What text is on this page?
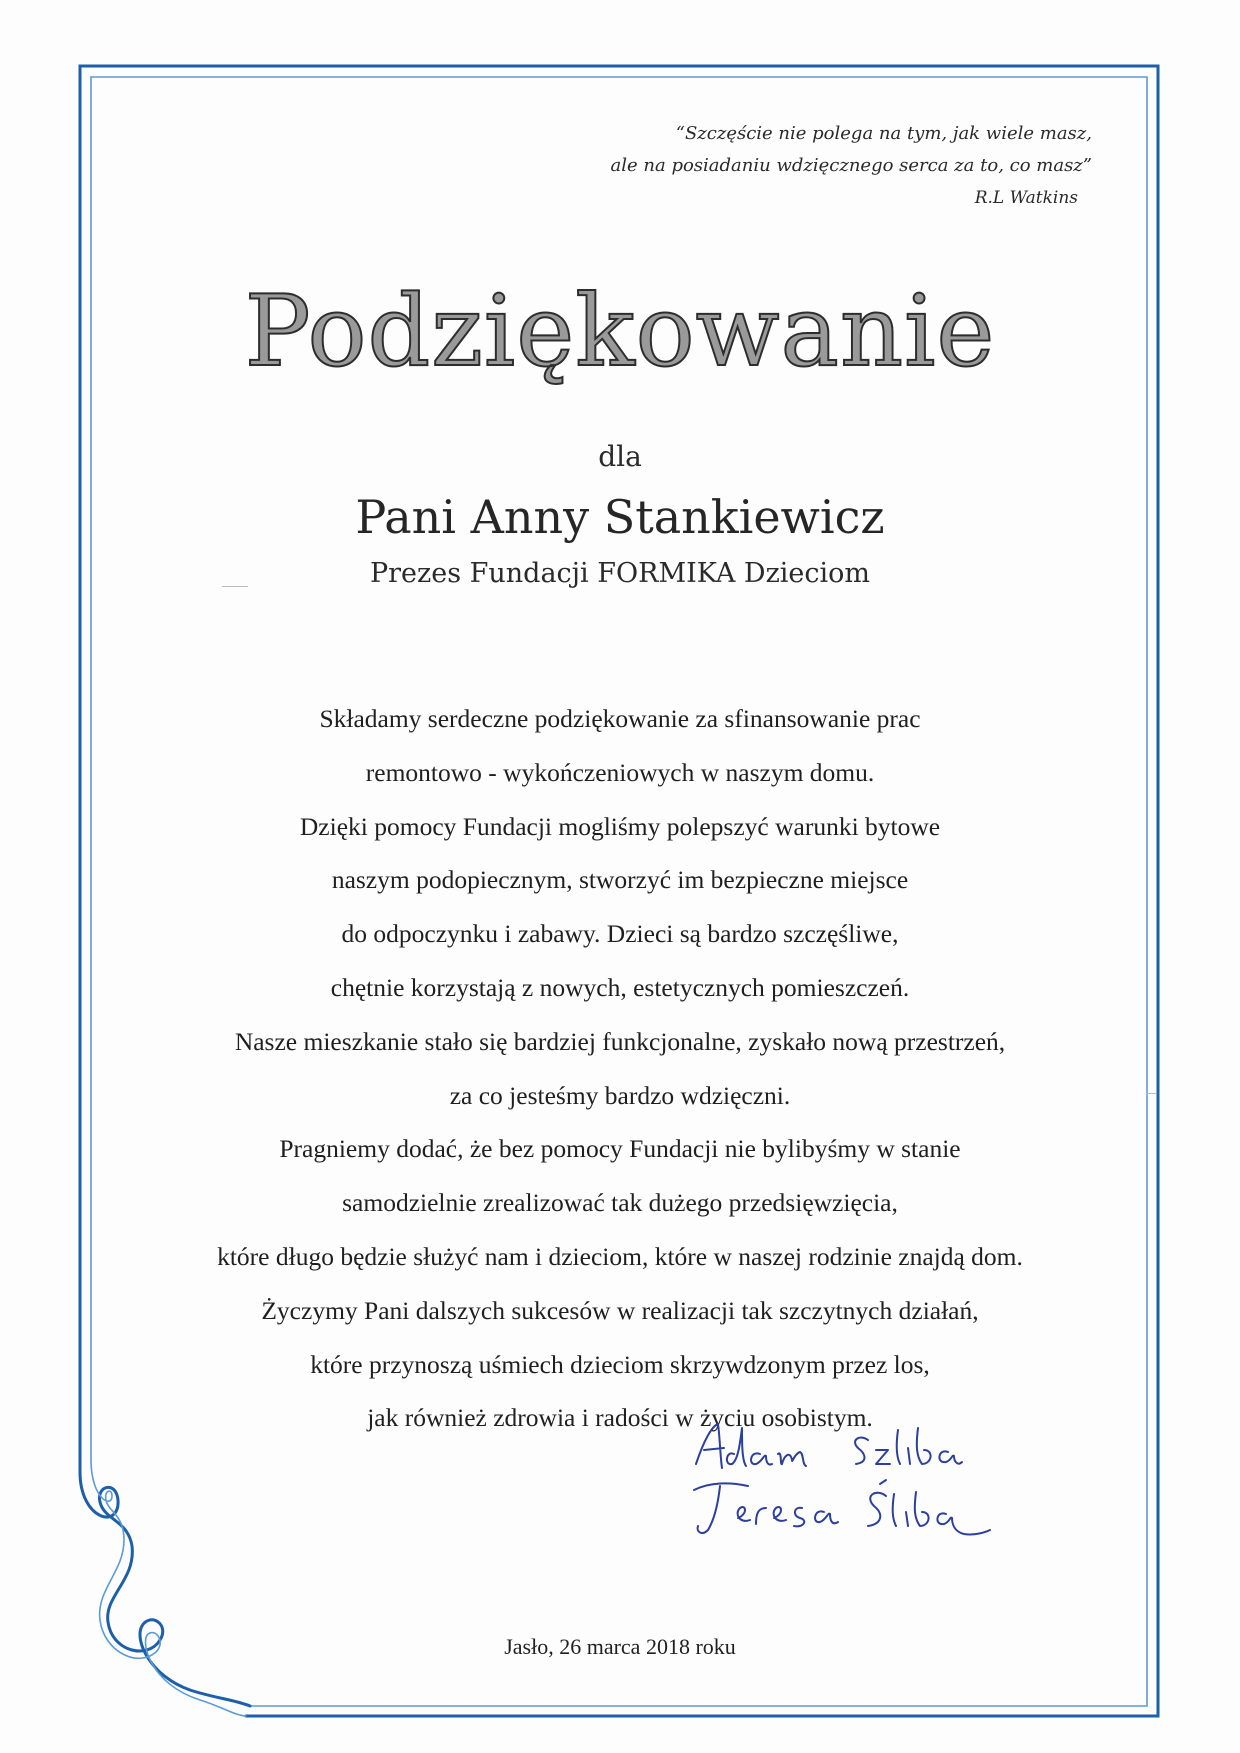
“Szczęście nie polega na tym, jak wiele masz,
ale na posiadaniu wdzięcznego serca za to, co masz”
R.L Watkins
Podziękowanie
dla
Pani Anny Stankiewicz
Prezes Fundacji FORMIKA Dzieciom
Składamy serdeczne podziękowanie za sfinansowanie prac
remontowo - wykończeniowych w naszym domu.
Dzięki pomocy Fundacji mogliśmy polepszyć warunki bytowe
naszym podopiecznym, stworzyć im bezpieczne miejsce
do odpoczynku i zabawy. Dzieci są bardzo szczęśliwe,
chętnie korzystają z nowych, estetycznych pomieszczeń.
Nasze mieszkanie stało się bardziej funkcjonalne, zyskało nową przestrzeń,
za co jesteśmy bardzo wdzięczni.
Pragniemy dodać, że bez pomocy Fundacji nie bylibyśmy w stanie
samodzielnie zrealizować tak dużego przedsięwzięcia,
które długo będzie służyć nam i dzieciom, które w naszej rodzinie znajdą dom.
Życzymy Pani dalszych sukcesów w realizacji tak szczytnych działań,
które przynoszą uśmiech dzieciom skrzywdzonym przez los,
jak również zdrowia i radości w życiu osobistym.
Jasło, 26 marca 2018 roku
